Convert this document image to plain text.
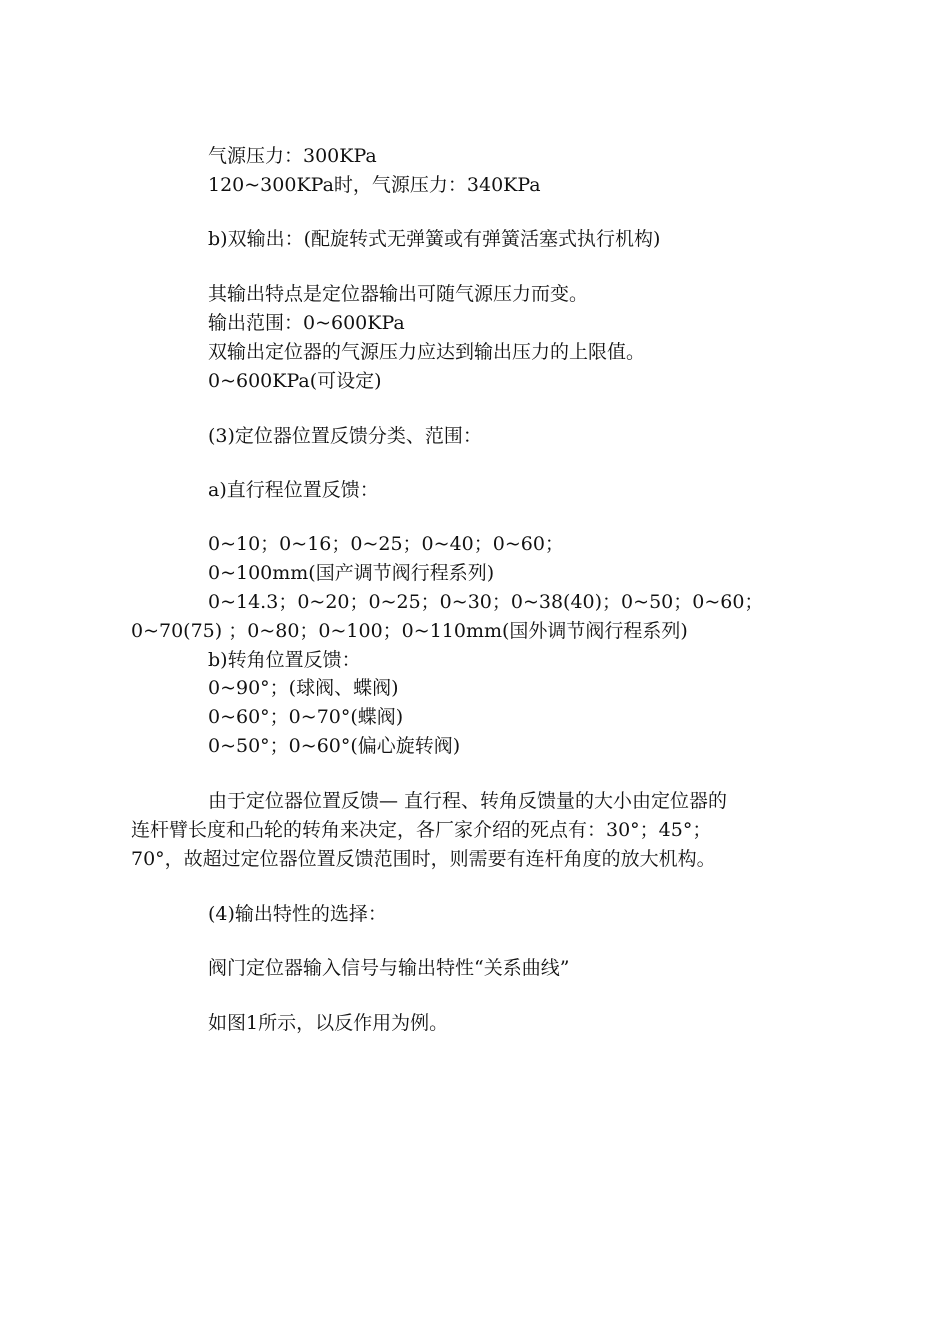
气源压力：300KPa
120~300KPa时，气源压力：340KPa
b)双输出：(配旋转式无弹簧或有弹簧活塞式执行机构)
其输出特点是定位器输出可随气源压力而变。
输出范围：0~600KPa
双输出定位器的气源压力应达到输出压力的上限值。
0~600KPa(可设定)
(3)定位器位置反馈分类、范围：
a)直行程位置反馈：
0~10；0~16；0~25；0~40；0~60；
0~100mm(国产调节阀行程系列)
0~14.3；0~20；0~25；0~30；0~38(40)；0~50；0~60；
0~70(75) ；0~80；0~100；0~110mm(国外调节阀行程系列)
b)转角位置反馈：
0~90°；(球阀、蝶阀)
0~60°；0~70°(蝶阀)
0~50°；0~60°(偏心旋转阀)
由于定位器位置反馈— 直行程、转角反馈量的大小由定位器的
连杆臂长度和凸轮的转角来决定，各厂家介绍的死点有：30°；45°；
70°，故超过定位器位置反馈范围时，则需要有连杆角度的放大机构。
(4)输出特性的选择：
阀门定位器输入信号与输出特性“关系曲线”
如图1所示，以反作用为例。
